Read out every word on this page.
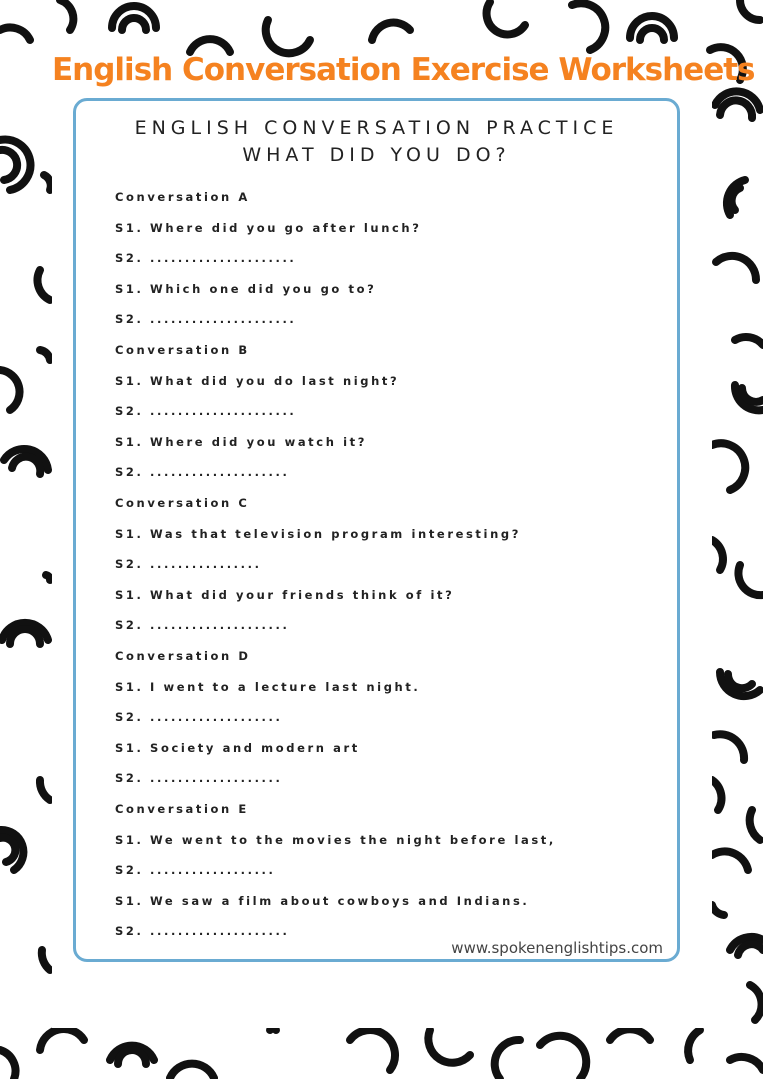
English Conversation Exercise Worksheets
ENGLISH CONVERSATION PRACTICE
WHAT DID YOU DO?
Conversation A
S1. Where did you go after lunch?
S2. .....................
S1. Which one did you go to?
S2. .....................
Conversation B
S1. What did you do last night?
S2. .....................
S1. Where did you watch it?
S2. ....................
Conversation C
S1. Was that television program interesting?
S2. ................
S1. What did your friends think of it?
S2. ....................
Conversation D
S1. I went to a lecture last night.
S2. ...................
S1. Society and modern art
S2. ...................
Conversation E
S1. We went to the movies the night before last,
S2. ..................
S1. We saw a film about cowboys and Indians.
S2. ....................
www.spokenenglishtips.com
